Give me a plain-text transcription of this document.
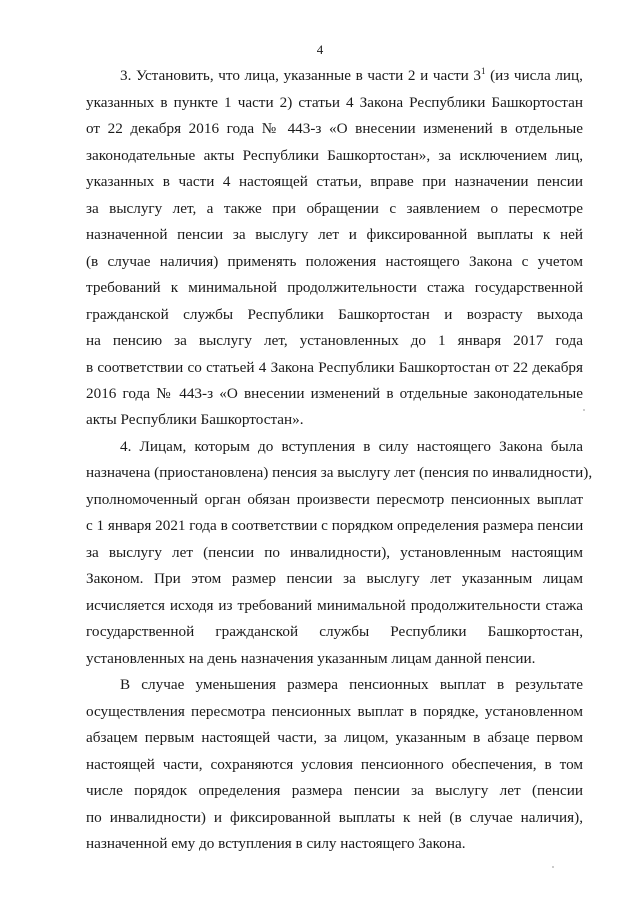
4
3. Установить, что лица, указанные в части 2 и части $3^1$ (из числа лиц,
указанных в пункте 1 части 2) статьи 4 Закона Республики Башкортостан
от 22 декабря 2016 года № 443-з «О внесении изменений в отдельные
законодательные акты Республики Башкортостан», за исключением лиц,
указанных в части 4 настоящей статьи, вправе при назначении пенсии
за выслугу лет, а также при обращении с заявлением о пересмотре
назначенной пенсии за выслугу лет и фиксированной выплаты к ней
(в случае наличия) применять положения настоящего Закона с учетом
требований к минимальной продолжительности стажа государственной
гражданской службы Республики Башкортостан и возрасту выхода
на пенсию за выслугу лет, установленных до 1 января 2017 года
в соответствии со статьей 4 Закона Республики Башкортостан от 22 декабря
2016 года № 443-з «О внесении изменений в отдельные законодательные
акты Республики Башкортостан».
4. Лицам, которым до вступления в силу настоящего Закона была
назначена (приостановлена) пенсия за выслугу лет (пенсия по инвалидности),
уполномоченный орган обязан произвести пересмотр пенсионных выплат
с 1 января 2021 года в соответствии с порядком определения размера пенсии
за выслугу лет (пенсии по инвалидности), установленным настоящим
Законом. При этом размер пенсии за выслугу лет указанным лицам
исчисляется исходя из требований минимальной продолжительности стажа
государственной гражданской службы Республики Башкортостан,
установленных на день назначения указанным лицам данной пенсии.
В случае уменьшения размера пенсионных выплат в результате
осуществления пересмотра пенсионных выплат в порядке, установленном
абзацем первым настоящей части, за лицом, указанным в абзаце первом
настоящей части, сохраняются условия пенсионного обеспечения, в том
числе порядок определения размера пенсии за выслугу лет (пенсии
по инвалидности) и фиксированной выплаты к ней (в случае наличия),
назначенной ему до вступления в силу настоящего Закона.
